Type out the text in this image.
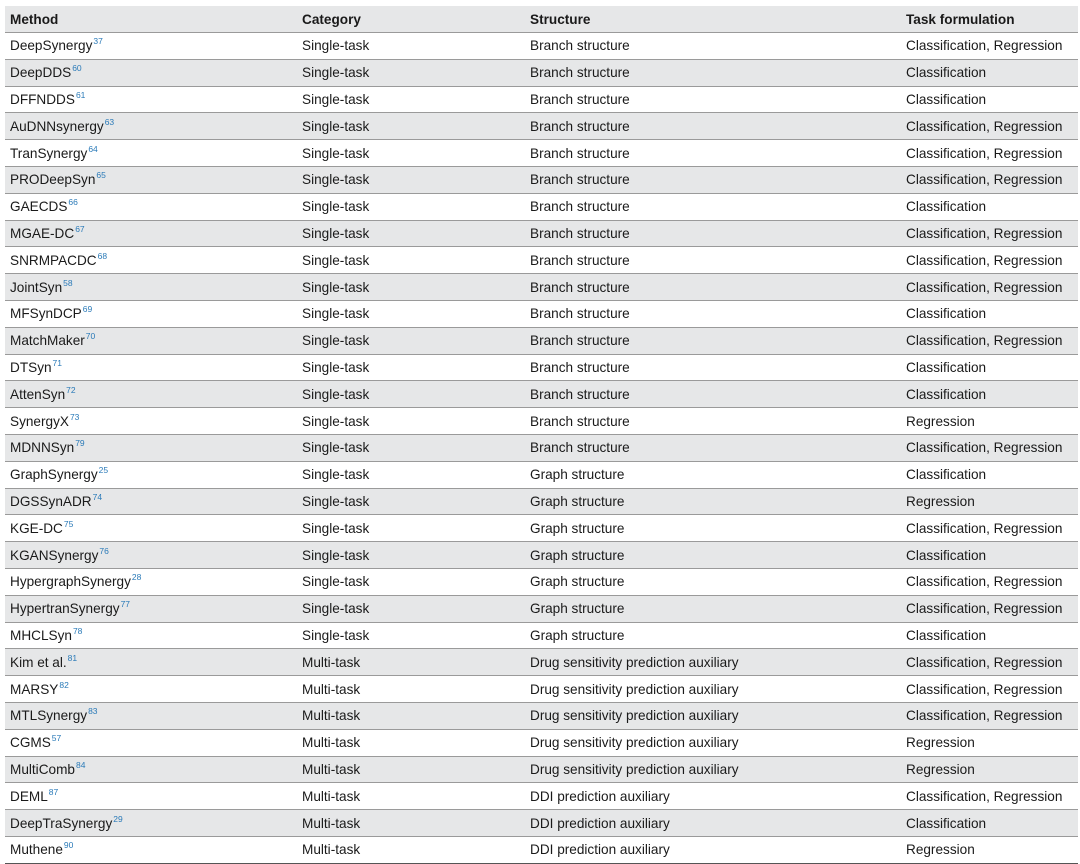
Method	Category	Structure	Task formulation
DeepSynergy$^{37}$	Single-task	Branch structure	Classification, Regression
DeepDDS$^{60}$	Single-task	Branch structure	Classification
DFFNDDS$^{61}$	Single-task	Branch structure	Classification
AuDNNsynergy$^{63}$	Single-task	Branch structure	Classification, Regression
TranSynergy$^{64}$	Single-task	Branch structure	Classification, Regression
PRODeepSyn$^{65}$	Single-task	Branch structure	Classification, Regression
GAECDS$^{66}$	Single-task	Branch structure	Classification
MGAE-DC$^{67}$	Single-task	Branch structure	Classification, Regression
SNRMPACDC$^{68}$	Single-task	Branch structure	Classification, Regression
JointSyn$^{58}$	Single-task	Branch structure	Classification, Regression
MFSynDCP$^{69}$	Single-task	Branch structure	Classification
MatchMaker$^{70}$	Single-task	Branch structure	Classification, Regression
DTSyn$^{71}$	Single-task	Branch structure	Classification
AttenSyn$^{72}$	Single-task	Branch structure	Classification
SynergyX$^{73}$	Single-task	Branch structure	Regression
MDNNSyn$^{79}$	Single-task	Branch structure	Classification, Regression
GraphSynergy$^{25}$	Single-task	Graph structure	Classification
DGSSynADR$^{74}$	Single-task	Graph structure	Regression
KGE-DC$^{75}$	Single-task	Graph structure	Classification, Regression
KGANSynergy$^{76}$	Single-task	Graph structure	Classification
HypergraphSynergy$^{28}$	Single-task	Graph structure	Classification, Regression
HypertranSynergy$^{77}$	Single-task	Graph structure	Classification, Regression
MHCLSyn$^{78}$	Single-task	Graph structure	Classification
Kim et al.$^{81}$	Multi-task	Drug sensitivity prediction auxiliary	Classification, Regression
MARSY$^{82}$	Multi-task	Drug sensitivity prediction auxiliary	Classification, Regression
MTLSynergy$^{83}$	Multi-task	Drug sensitivity prediction auxiliary	Classification, Regression
CGMS$^{57}$	Multi-task	Drug sensitivity prediction auxiliary	Regression
MultiComb$^{84}$	Multi-task	Drug sensitivity prediction auxiliary	Regression
DEML$^{87}$	Multi-task	DDI prediction auxiliary	Classification, Regression
DeepTraSynergy$^{29}$	Multi-task	DDI prediction auxiliary	Classification
Muthene$^{90}$	Multi-task	DDI prediction auxiliary	Regression
